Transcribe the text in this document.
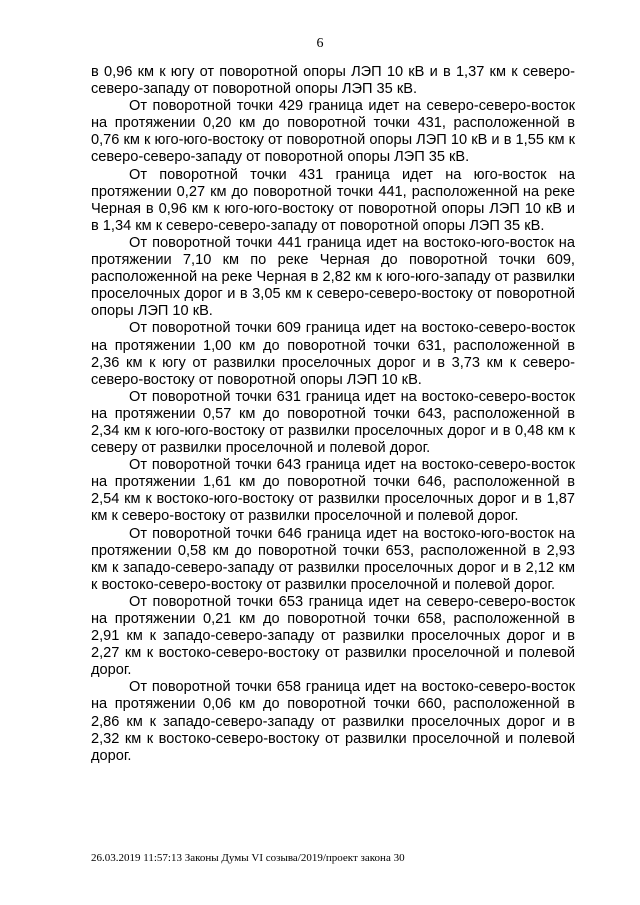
6

в 0,96 км к югу от поворотной опоры ЛЭП 10 кВ и в 1,37 км к северо-северо-западу от поворотной опоры ЛЭП 35 кВ.

От поворотной точки 429 граница идет на северо-северо-восток на протяжении 0,20 км до поворотной точки 431, расположенной в 0,76 км к юго-юго-востоку от поворотной опоры ЛЭП 10 кВ и в 1,55 км к северо-северо-западу от поворотной опоры ЛЭП 35 кВ.

От поворотной точки 431 граница идет на юго-восток на протяжении 0,27 км до поворотной точки 441, расположенной на реке Черная в 0,96 км к юго-юго-востоку от поворотной опоры ЛЭП 10 кВ и в 1,34 км к северо-северо-западу от поворотной опоры ЛЭП 35 кВ.

От поворотной точки 441 граница идет на востоко-юго-восток на протяжении 7,10 км по реке Черная до поворотной точки 609, расположенной на реке Черная в 2,82 км к юго-юго-западу от развилки проселочных дорог и в 3,05 км к северо-северо-востоку от поворотной опоры ЛЭП 10 кВ.

От поворотной точки 609 граница идет на востоко-северо-восток на протяжении 1,00 км до поворотной точки 631, расположенной в 2,36 км к югу от развилки проселочных дорог и в 3,73 км к северо-северо-востоку от поворотной опоры ЛЭП 10 кВ.

От поворотной точки 631 граница идет на востоко-северо-восток на протяжении 0,57 км до поворотной точки 643, расположенной в 2,34 км к юго-юго-востоку от развилки проселочных дорог и в 0,48 км к северу от развилки проселочной и полевой дорог.

От поворотной точки 643 граница идет на востоко-северо-восток на протяжении 1,61 км до поворотной точки 646, расположенной в 2,54 км к востоко-юго-востоку от развилки проселочных дорог и в 1,87 км к северо-востоку от развилки проселочной и полевой дорог.

От поворотной точки 646 граница идет на востоко-юго-восток на протяжении 0,58 км до поворотной точки 653, расположенной в 2,93 км к западо-северо-западу от развилки проселочных дорог и в 2,12 км к востоко-северо-востоку от развилки проселочной и полевой дорог.

От поворотной точки 653 граница идет на северо-северо-восток на протяжении 0,21 км до поворотной точки 658, расположенной в 2,91 км к западо-северо-западу от развилки проселочных дорог и в 2,27 км к востоко-северо-востоку от развилки проселочной и полевой дорог.

От поворотной точки 658 граница идет на востоко-северо-восток на протяжении 0,06 км до поворотной точки 660, расположенной в 2,86 км к западо-северо-западу от развилки проселочных дорог и в 2,32 км к востоко-северо-востоку от развилки проселочной и полевой дорог.

26.03.2019 11:57:13 Законы Думы VI созыва/2019/проект закона 30
